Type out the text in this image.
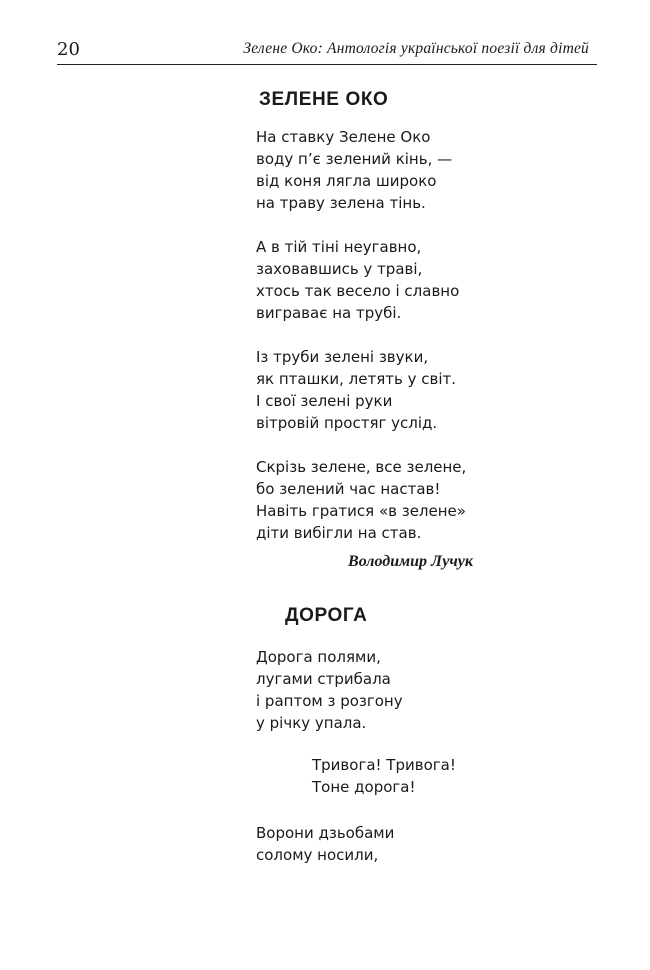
20	Зелене Око: Антологія української поезії для дітей
ЗЕЛЕНЕ ОКО

На ставку Зелене Око
воду п’є зелений кінь, —
від коня лягла широко
на траву зелена тінь.

А в тій тіні неугавно,
заховавшись у траві,
хтось так весело і славно
виграває на трубі.

Із труби зелені звуки,
як пташки, летять у світ.
І свої зелені руки
вітровій простяг услід.

Скрізь зелене, все зелене,
бо зелений час настав!
Навіть гратися «в зелене»
діти вибігли на став.

Володимир Лучук

ДОРОГА

Дорога полями,
лугами стрибала
і раптом з розгону
у річку упала.

Тривога! Тривога!
Тоне дорога!

Ворони дзьобами
солому носили,
